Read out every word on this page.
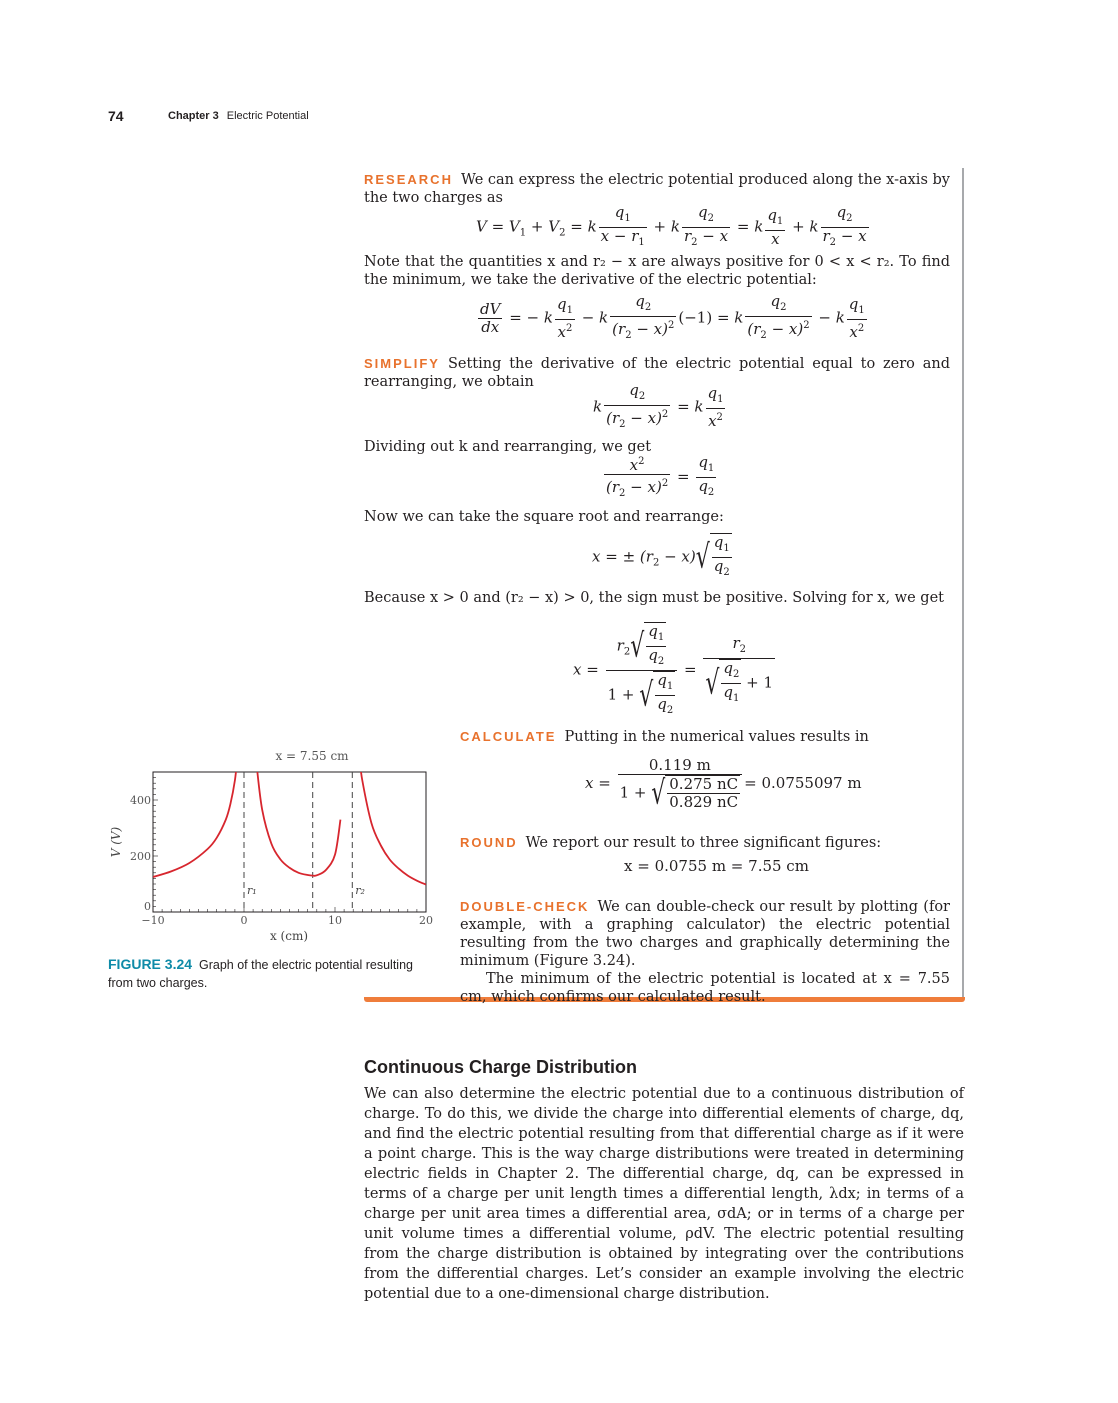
74	Chapter 3 Electric Potential
RESEARCH We can express the electric potential produced along the x-axis by the two charges as
$V = V_1 + V_2 = k \frac{q_1}{x - r_1} + k \frac{q_2}{r_2 - x} = k \frac{q_1}{x} + k \frac{q_2}{r_2 - x}$
Note that the quantities x and r₂ − x are always positive for 0 < x < r₂. To find the minimum, we take the derivative of the electric potential:
$\frac{dV}{dx}$ = − k $\frac{q_1}{x^2} - k \frac{q_2}{(r_2 - x)^2} (-1) = k \frac{q_2}{(r_2 - x)^2} - k \frac{q_1}{x^2}$
SIMPLIFY Setting the derivative of the electric potential equal to zero and rearranging, we obtain
k $\frac{q_2}{(r_2 - x)^2} = k \frac{q_1}{x^2}$
Dividing out k and rearranging, we get
$\frac{x^2}{(r_2 - x)^2} = \frac{q_1}{q_2}$
Now we can take the square root and rearrange:
x = ± $(r_2 - x)√ \frac{q_1}{q_2}$
Because x > 0 and (r₂ − x) > 0, the sign must be positive. Solving for x, we get
$x = \frac{r_2√ \frac{q_1}{q_2}}{1 + √ \frac{q_1}{q_2}} = \frac{r_2}{√ \frac{q_2}{q_1} + 1}$
CALCULATE Putting in the numerical values results in
$x = \frac{0.119 m}{1 + √ \frac{0.275 nC}{0.829 nC}} = 0.0755097$ m
ROUND We report our result to three significant figures:
x = 0.0755 m = 7.55 cm
DOUBLE-CHECK We can double-check our result by plotting (for example, with a graphing calculator) the electric potential resulting from the two charges and graphically determining the minimum (Figure 3.24).
The minimum of the electric potential is located at x = 7.55 cm, which confirms our calculated result.
r₁	r₂
−10	0	10	20
0
200
400
x = 7.55 cm
x (cm)
V (V)
FIGURE 3.24 Graph of the electric potential resulting from two charges.
Continuous Charge Distribution
We can also determine the electric potential due to a continuous distribution of charge. To do this, we divide the charge into differential elements of charge, dq, and find the electric potential resulting from that differential charge as if it were a point charge. This is the way charge distributions were treated in determining electric fields in Chapter 2. The differential charge, dq, can be expressed in terms of a charge per unit length times a differential length, λdx; in terms of a charge per unit area times a differential area, σdA; or in terms of a charge per unit volume times a differential volume, ρdV. The electric potential resulting from the charge distribution is obtained by integrating over the contributions from the differential charges. Let’s consider an example involving the electric potential due to a one-dimensional charge distribution.
